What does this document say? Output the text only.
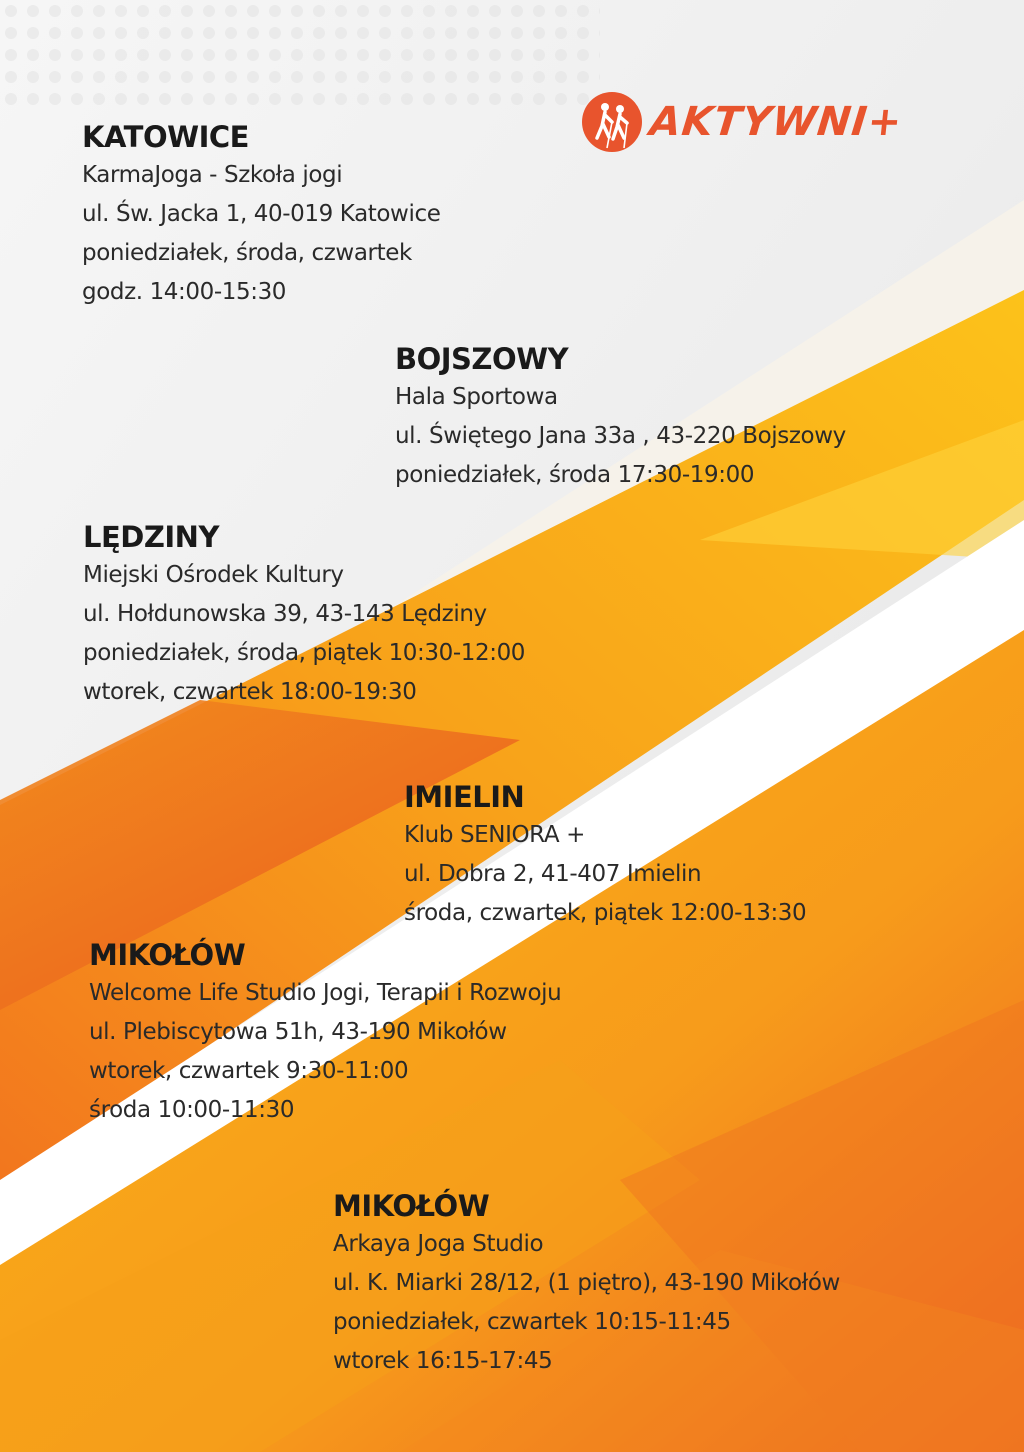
AKTYWNI+
KATOWICE
KarmaJoga - Szkoła jogi
ul. Św. Jacka 1, 40-019 Katowice
poniedziałek, środa, czwartek
godz. 14:00-15:30
BOJSZOWY
Hala Sportowa
ul. Świętego Jana 33a , 43-220 Bojszowy
poniedziałek, środa 17:30-19:00
LĘDZINY
Miejski Ośrodek Kultury
ul. Hołdunowska 39, 43-143 Lędziny
poniedziałek, środa, piątek 10:30-12:00
wtorek, czwartek 18:00-19:30
IMIELIN
Klub SENIORA +
ul. Dobra 2, 41-407 Imielin
środa, czwartek, piątek 12:00-13:30
MIKOŁÓW
Welcome Life Studio Jogi, Terapii i Rozwoju
ul. Plebiscytowa 51h, 43-190 Mikołów
wtorek, czwartek 9:30-11:00
środa 10:00-11:30
MIKOŁÓW
Arkaya Joga Studio
ul. K. Miarki 28/12, (1 piętro), 43-190 Mikołów
poniedziałek, czwartek 10:15-11:45
wtorek 16:15-17:45
